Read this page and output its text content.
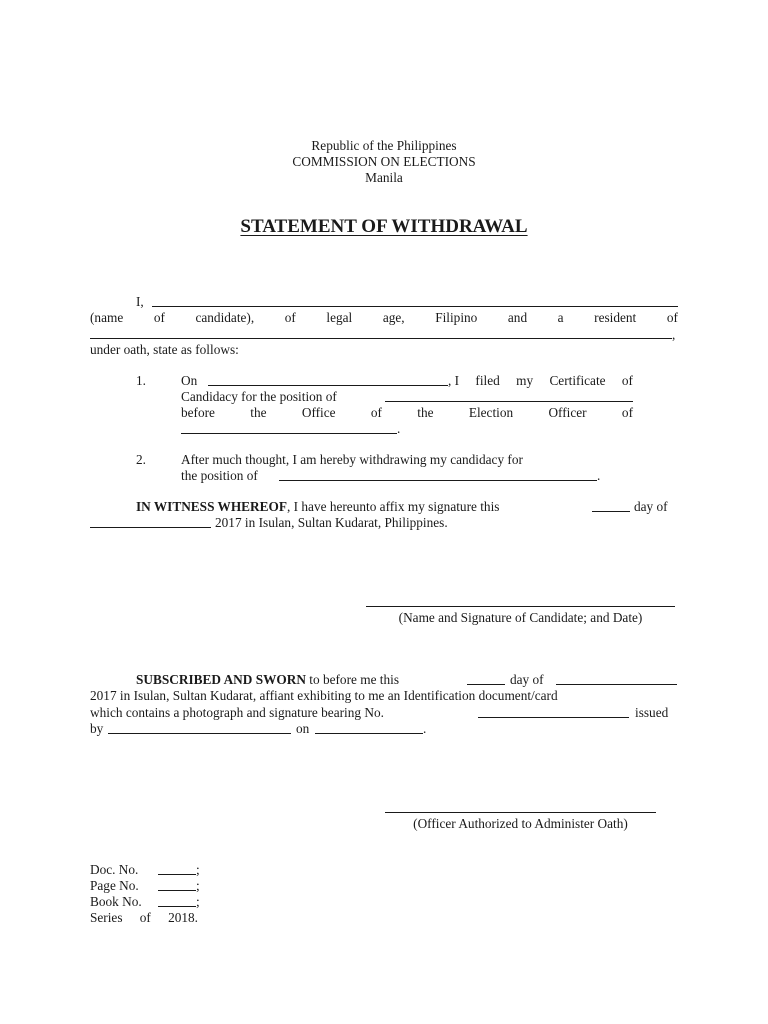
Republic of the Philippines
COMMISSION ON ELECTIONS
Manila
STATEMENT OF WITHDRAWAL
I,
(name of candidate), of legal age, Filipino and a resident of
,
under oath, state as follows:
1.	On	, I filed my Certificate of
Candidacy for the position of
before	the	Office	of	the	Election	Officer	of
.
2.	After much thought, I am hereby withdrawing my candidacy for
the position of	.
IN WITNESS WHEREOF, I have hereunto affix my signature this	day of
2017 in Isulan, Sultan Kudarat, Philippines.
(Name and Signature of Candidate; and Date)
SUBSCRIBED AND SWORN to before me this	day of
2017 in Isulan, Sultan Kudarat, affiant exhibiting to me an Identification document/card
which contains a photograph and signature bearing No.	issued
by	on	.
(Officer Authorized to Administer Oath)
Doc. No.	;
Page No.	;
Book No.	;
Series of 2018.
